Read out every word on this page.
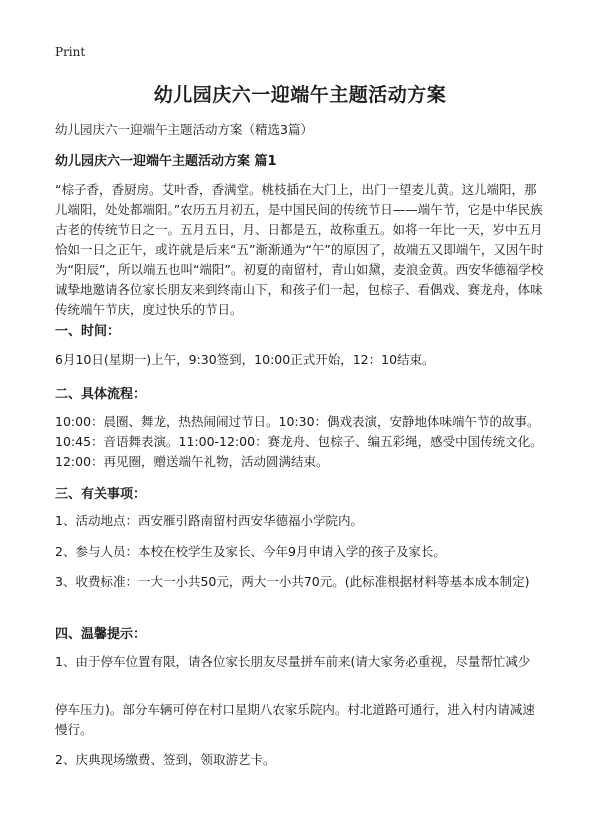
Print
幼儿园庆六一迎端午主题活动方案
幼儿园庆六一迎端午主题活动方案（精选3篇）
幼儿园庆六一迎端午主题活动方案 篇1

“棕子香，香厨房。艾叶香，香满堂。桃枝插在大门上，出门一望麦儿黄。这儿端阳，那儿端阳，处处都端阳。”农历五月初五，是中国民间的传统节日——端午节，它是中华民族古老的传统节日之一。五月五日，月、日都是五，故称重五。如将一年比一天，岁中五月恰如一日之正午，或许就是后来“五”渐渐通为“午”的原因了，故端五又即端午，又因午时为“阳辰”，所以端五也叫“端阳”。初夏的南留村，青山如黛，麦浪金黄。西安华德福学校诚挚地邀请各位家长朋友来到终南山下，和孩子们一起，包棕子、看偶戏、赛龙舟，体味传统端午节庆，度过快乐的节日。

一、时间：

6月10日(星期一)上午，9:30签到，10:00正式开始，12：10结束。

二、具体流程：

10:00：晨圈、舞龙，热热闹闹过节日。10:30：偶戏表演，安静地体味端午节的故事。10:45：音语舞表演。11:00-12:00：赛龙舟、包棕子、编五彩绳，感受中国传统文化。12:00：再见圈，赠送端午礼物，活动圆满结束。

三、有关事项：

1、活动地点：西安雁引路南留村西安华德福小学院内。

2、参与人员：本校在校学生及家长、今年9月申请入学的孩子及家长。

3、收费标准：一大一小共50元，两大一小共70元。(此标准根据材料等基本成本制定)

四、温馨提示：

1、由于停车位置有限，请各位家长朋友尽量拼车前来(请大家务必重视，尽量帮忙减少

停车压力)。部分车辆可停在村口星期八农家乐院内。村北道路可通行，进入村内请减速慢行。

2、庆典现场缴费、签到，领取游艺卡。
